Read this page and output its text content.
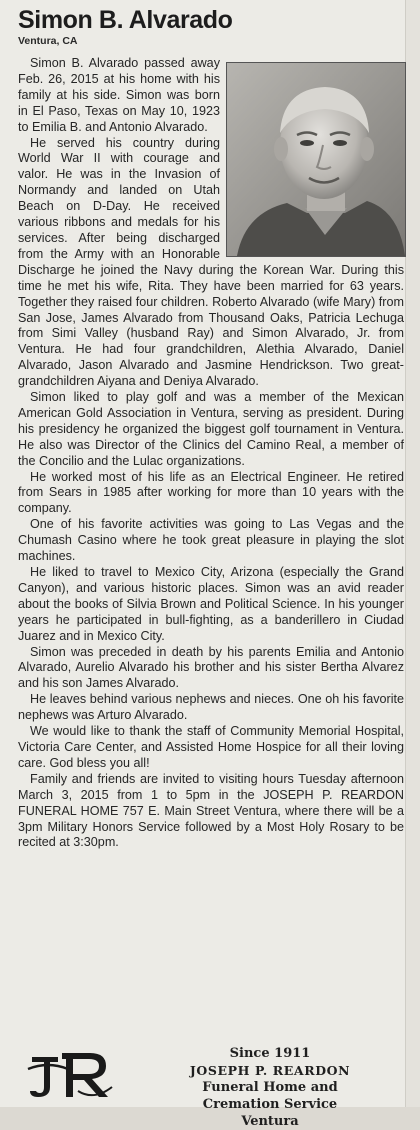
Simon B. Alvarado
Ventura, CA

Simon B. Alvarado passed away Feb. 26, 2015 at his home with his family at his side. Simon was born in El Paso, Texas on May 10, 1923 to Emilia B. and Antonio Alvarado.

He served his country during World War II with courage and valor. He was in the Invasion of Normandy and landed on Utah Beach on D-Day. He received various ribbons and medals for his services. After being discharged from the Army with an Honorable Discharge he joined the Navy during the Korean War. During this time he met his wife, Rita. They have been married for 63 years. Together they raised four children. Roberto Alvarado (wife Mary) from San Jose, James Alvarado from Thousand Oaks, Patricia Lechuga from Simi Valley (husband Ray) and Simon Alvarado, Jr. from Ventura. He had four grandchildren, Alethia Alvarado, Daniel Alvarado, Jason Alvarado and Jasmine Hendrickson. Two great-grandchildren Aiyana and Deniya Alvarado.

Simon liked to play golf and was a member of the Mexican American Gold Association in Ventura, serving as president. During his presidency he organized the biggest golf tournament in Ventura. He also was Director of the Clinics del Camino Real, a member of the Concilio and the Lulac organizations.

He worked most of his life as an Electrical Engineer. He retired from Sears in 1985 after working for more than 10 years with the company.

One of his favorite activities was going to Las Vegas and the Chumash Casino where he took great pleasure in playing the slot machines.

He liked to travel to Mexico City, Arizona (especially the Grand Canyon), and various historic places. Simon was an avid reader about the books of Silvia Brown and Political Science. In his younger years he participated in bull-fighting, as a banderillero in Ciudad Juarez and in Mexico City.

Simon was preceded in death by his parents Emilia and Antonio Alvarado, Aurelio Alvarado his brother and his sister Bertha Alvarez and his son James Alvarado.

He leaves behind various nephews and nieces. One oh his favorite nephews was Arturo Alvarado.

We would like to thank the staff of Community Memorial Hospital, Victoria Care Center, and Assisted Home Hospice for all their loving care. God bless you all!

Family and friends are invited to visiting hours Tuesday afternoon March 3, 2015 from 1 to 5pm in the JOSEPH P. REARDON FUNERAL HOME 757 E. Main Street Ventura, where there will be a 3pm Military Honors Service followed by a Most Holy Rosary to be recited at 3:30pm.

Since 1911
JOSEPH P. REARDON
Funeral Home and
Cremation Service
Ventura
